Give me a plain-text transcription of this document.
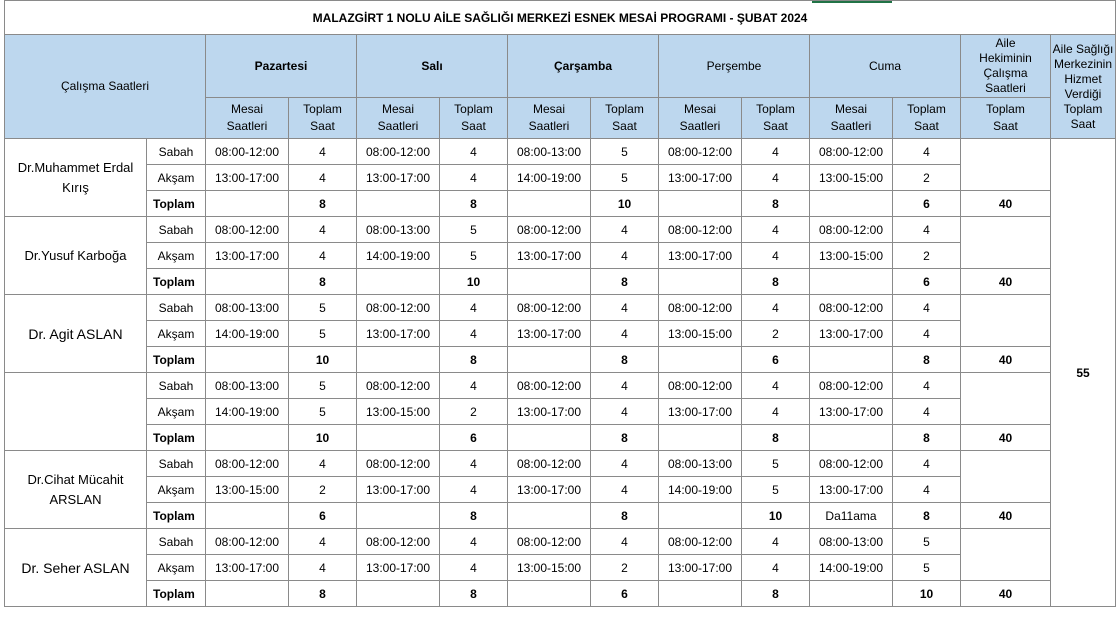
MALAZGİRT 1 NOLU AİLE SAĞLIĞI MERKEZİ ESNEK MESAİ PROGRAMI - ŞUBAT 2024													

Çalışma Saatleri		Pazartesi		Salı		Çarşamba		Perşembe		Cuma		Aile Hekiminin Çalışma Saatleri	Aile Sağlığı Merkezinin Hizmet Verdiği Toplam Saat

		Mesai Saatleri	Toplam Saat	Mesai Saatleri	Toplam Saat	Mesai Saatleri	Toplam Saat	Mesai Saatleri	Toplam Saat	Mesai Saatleri	Toplam Saat	Toplam Saat	

Dr.Muhammet Erdal Kırış	Sabah	08:00-12:00	4	08:00-12:00	4	08:00-13:00	5	08:00-12:00	4	08:00-12:00	4		55
	Akşam	13:00-17:00	4	13:00-17:00	4	14:00-19:00	5	13:00-17:00	4	13:00-15:00	2		
	Toplam		8		8		10		8		6	40	

Dr.Yusuf Karboğa	Sabah	08:00-12:00	4	08:00-13:00	5	08:00-12:00	4	08:00-12:00	4	08:00-12:00	4		
	Akşam	13:00-17:00	4	14:00-19:00	5	13:00-17:00	4	13:00-17:00	4	13:00-15:00	2		
	Toplam		8		10		8		8		6	40	

Dr. Agit ASLAN	Sabah	08:00-13:00	5	08:00-12:00	4	08:00-12:00	4	08:00-12:00	4	08:00-12:00	4		
	Akşam	14:00-19:00	5	13:00-17:00	4	13:00-17:00	4	13:00-15:00	2	13:00-17:00	4		
	Toplam		10		8		8		6		8	40	

	Sabah	08:00-13:00	5	08:00-12:00	4	08:00-12:00	4	08:00-12:00	4	08:00-12:00	4		
	Akşam	14:00-19:00	5	13:00-15:00	2	13:00-17:00	4	13:00-17:00	4	13:00-17:00	4		
	Toplam		10		6		8		8		8	40	

Dr.Cihat Mücahit ARSLAN	Sabah	08:00-12:00	4	08:00-12:00	4	08:00-12:00	4	08:00-13:00	5	08:00-12:00	4		
	Akşam	13:00-15:00	2	13:00-17:00	4	13:00-17:00	4	14:00-19:00	5	13:00-17:00	4		
	Toplam		6		8		8		10	Da11ama	8	40	

Dr. Seher ASLAN	Sabah	08:00-12:00	4	08:00-12:00	4	08:00-12:00	4	08:00-12:00	4	08:00-13:00	5		
	Akşam	13:00-17:00	4	13:00-17:00	4	13:00-15:00	2	13:00-17:00	4	14:00-19:00	5		
	Toplam		8		8		6		8		10	40	
